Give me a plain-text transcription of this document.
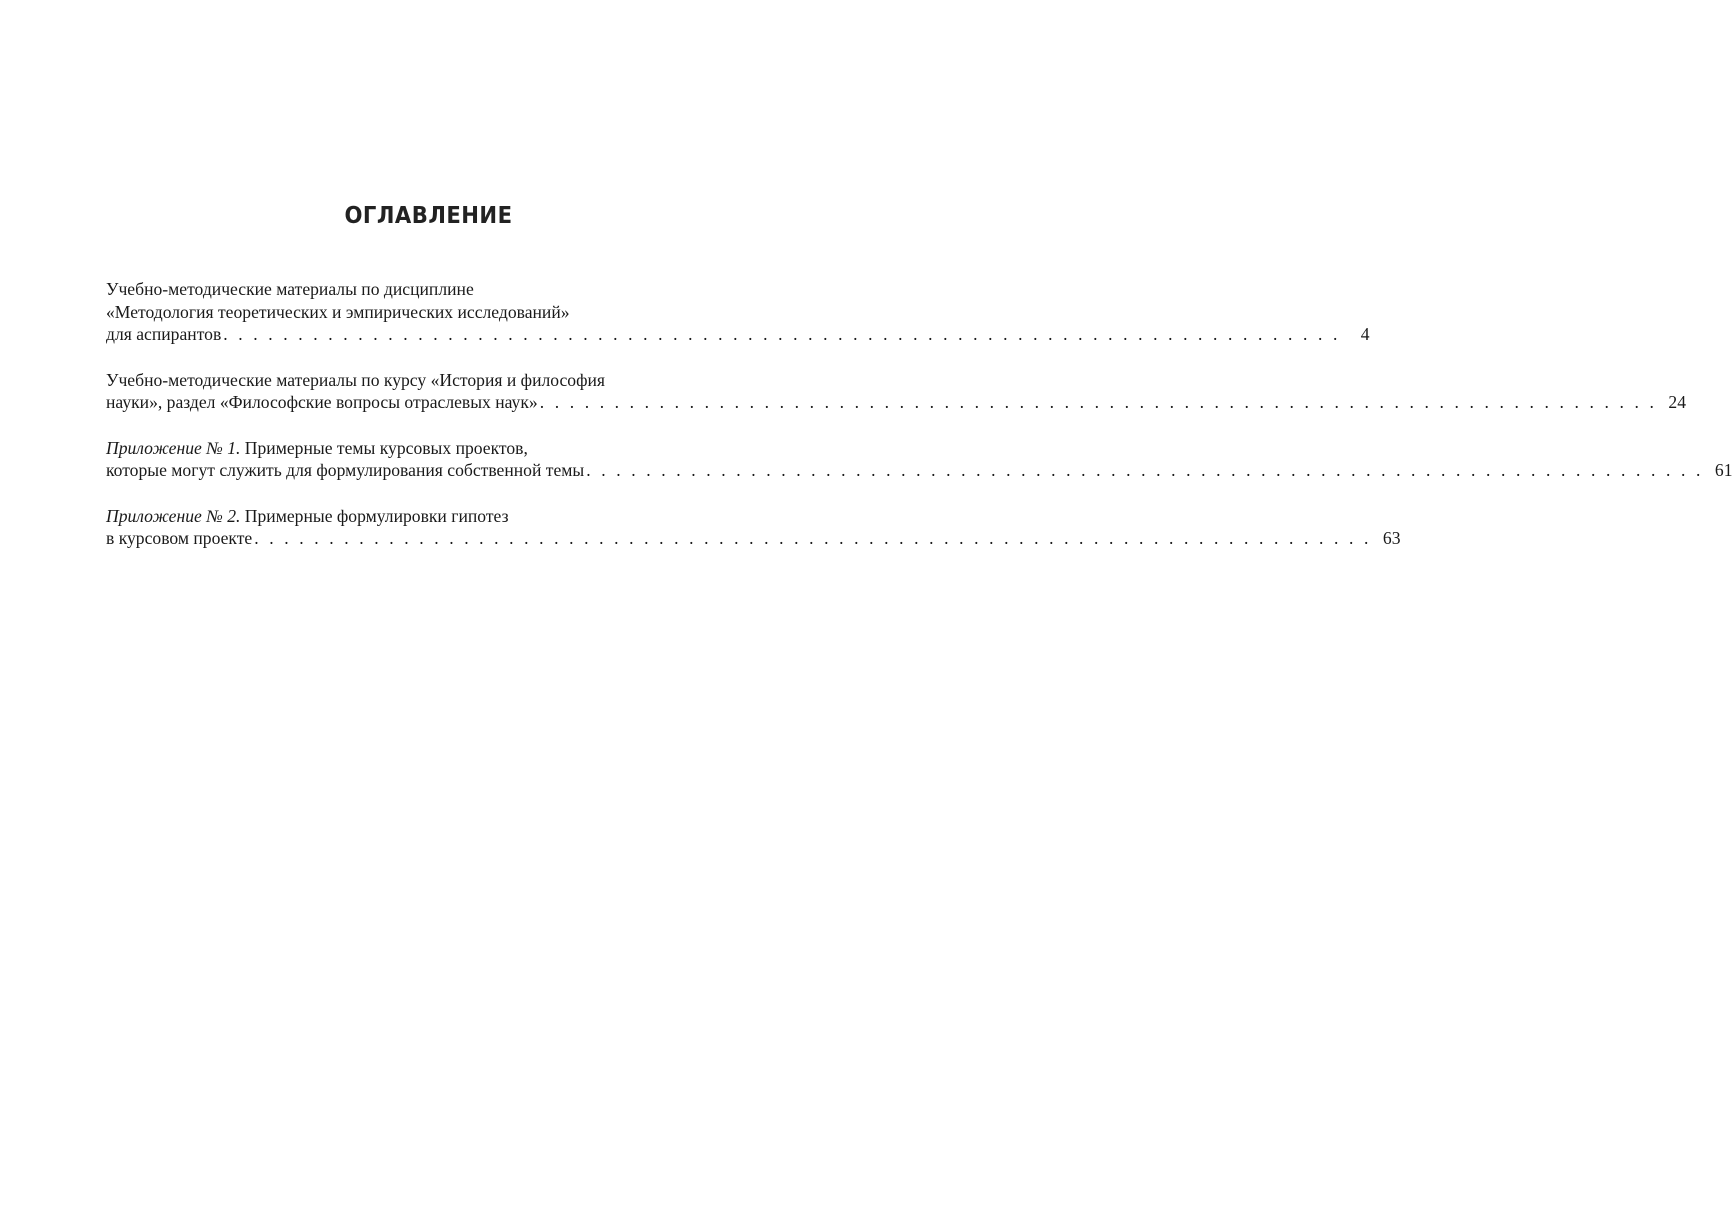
ОГЛАВЛЕНИЕ
Учебно-методические материалы по дисциплине
«Методология теоретических и эмпирических исследований»
для аспирантов . . . . . . . . . . . . . . . . . . . . . . . . . . . . . . . . . . . . . . . . . . . . . . . . . . . . . . . . . . . . . . . . . . . . . . . . . . .	4
Учебно-методические материалы по курсу «История и философия
науки», раздел «Философские вопросы отраслевых наук» . . . . . . . . . . . . . . . . . . . . . . . . . . . . . . . . . . . . . . . . . . . . . . . . . . . . . . . . . . . . . . . . . . . . . . . . . . . 24
Приложение № 1. Примерные темы курсовых проектов,
которые могут служить для формулирования собственной темы . . . . . . . . . . . . . . . . . . . . . . . . . . . . . . . . . . . . . . . . . . . . . . . . . . . . . . . . . . . . . . . . . . . . . . . . . . . 61
Приложение № 2. Примерные формулировки гипотез
в курсовом проекте . . . . . . . . . . . . . . . . . . . . . . . . . . . . . . . . . . . . . . . . . . . . . . . . . . . . . . . . . . . . . . . . . . . . . . . . . . . 63
